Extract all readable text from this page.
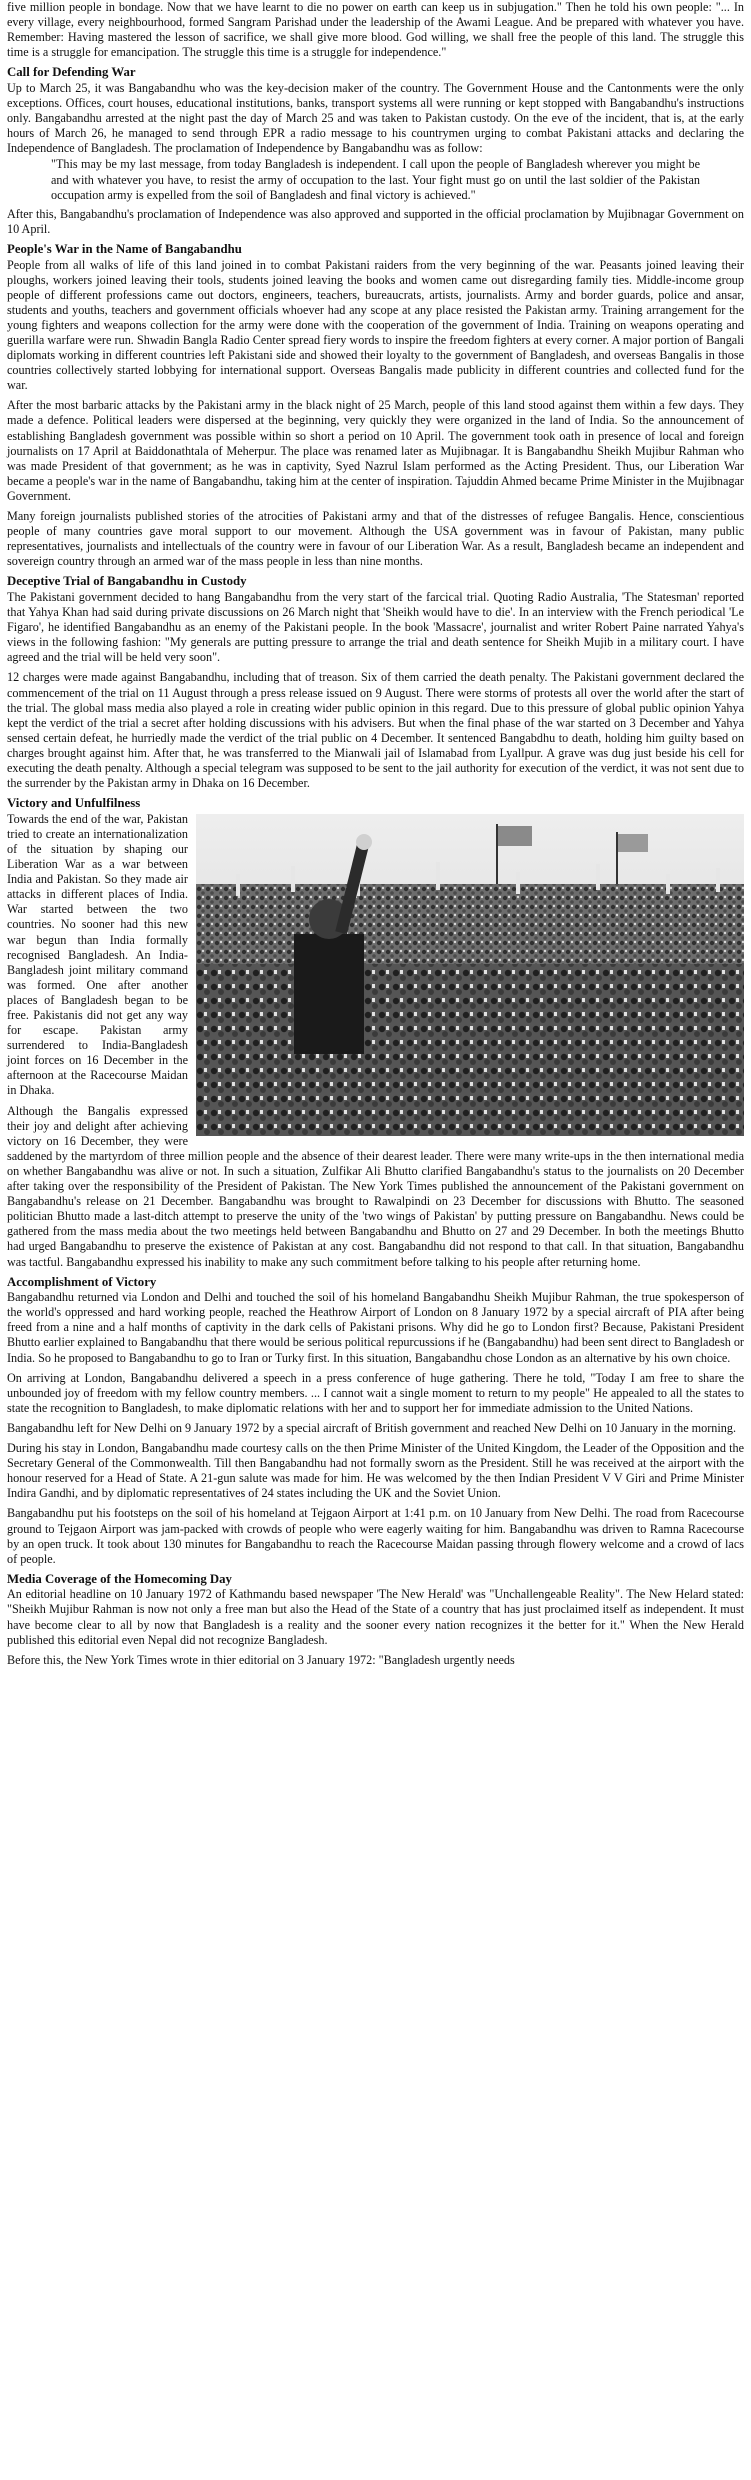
five million people in bondage. Now that we have learnt to die no power on earth can keep us in subjugation." Then he told his own people: "... In every village, every neighbourhood, formed Sangram Parishad under the leadership of the Awami League. And be prepared with whatever you have. Remember: Having mastered the lesson of sacrifice, we shall give more blood. God willing, we shall free the people of this land. The struggle this time is a struggle for emancipation. The struggle this time is a struggle for independence."

Call for Defending War

Up to March 25, it was Bangabandhu who was the key-decision maker of the country. The Government House and the Cantonments were the only exceptions. Offices, court houses, educational institutions, banks, transport systems all were running or kept stopped with Bangabandhu's instructions only. Bangabandhu arrested at the night past the day of March 25 and was taken to Pakistan custody. On the eve of the incident, that is, at the early hours of March 26, he managed to send through EPR a radio message to his countrymen urging to combat Pakistani attacks and declaring the Independence of Bangladesh. The proclamation of Independence by Bangabandhu was as follow:

"This may be my last message, from today Bangladesh is independent. I call upon the people of Bangladesh wherever you might be and with whatever you have, to resist the army of occupation to the last. Your fight must go on until the last soldier of the Pakistan occupation army is expelled from the soil of Bangladesh and final victory is achieved."

After this, Bangabandhu's proclamation of Independence was also approved and supported in the official proclamation by Mujibnagar Government on 10 April.

People's War in the Name of Bangabandhu

People from all walks of life of this land joined in to combat Pakistani raiders from the very beginning of the war. Peasants joined leaving their ploughs, workers joined leaving their tools, students joined leaving the books and women came out disregarding family ties. Middle-income group people of different professions came out doctors, engineers, teachers, bureaucrats, artists, journalists. Army and border guards, police and ansar, students and youths, teachers and government officials whoever had any scope at any place resisted the Pakistan army. Training arrangement for the young fighters and weapons collection for the army were done with the cooperation of the government of India. Training on weapons operating and guerilla warfare were run. Shwadin Bangla Radio Center spread fiery words to inspire the freedom fighters at every corner. A major portion of Bangali diplomats working in different countries left Pakistani side and showed their loyalty to the government of Bangladesh, and overseas Bangalis in those countries collectively started lobbying for international support. Overseas Bangalis made publicity in different countries and collected fund for the war.

After the most barbaric attacks by the Pakistani army in the black night of 25 March, people of this land stood against them within a few days. They made a defence. Political leaders were dispersed at the beginning, very quickly they were organized in the land of India. So the announcement of establishing Bangladesh government was possible within so short a period on 10 April. The government took oath in presence of local and foreign journalists on 17 April at Baiddonathtala of Meherpur. The place was renamed later as Mujibnagar. It is Bangabandhu Sheikh Mujibur Rahman who was made President of that government; as he was in captivity, Syed Nazrul Islam performed as the Acting President. Thus, our Liberation War became a people's war in the name of Bangabandhu, taking him at the center of inspiration. Tajuddin Ahmed became Prime Minister in the Mujibnagar Government.

Many foreign journalists published stories of the atrocities of Pakistani army and that of the distresses of refugee Bangalis. Hence, conscientious people of many countries gave moral support to our movement. Although the USA government was in favour of Pakistan, many public representatives, journalists and intellectuals of the country were in favour of our Liberation War. As a result, Bangladesh became an independent and sovereign country through an armed war of the mass people in less than nine months.

Deceptive Trial of Bangabandhu in Custody

The Pakistani government decided to hang Bangabandhu from the very start of the farcical trial. Quoting Radio Australia, 'The Statesman' reported that Yahya Khan had said during private discussions on 26 March night that 'Sheikh would have to die'. In an interview with the French periodical 'Le Figaro', he identified Bangabandhu as an enemy of the Pakistani people. In the book 'Massacre', journalist and writer Robert Paine narrated Yahya's views in the following fashion: "My generals are putting pressure to arrange the trial and death sentence for Sheikh Mujib in a military court. I have agreed and the trial will be held very soon".

12 charges were made against Bangabandhu, including that of treason. Six of them carried the death penalty. The Pakistani government declared the commencement of the trial on 11 August through a press release issued on 9 August. There were storms of protests all over the world after the start of the trial. The global mass media also played a role in creating wider public opinion in this regard. Due to this pressure of global public opinion Yahya kept the verdict of the trial a secret after holding discussions with his advisers. But when the final phase of the war started on 3 December and Yahya sensed certain defeat, he hurriedly made the verdict of the trial public on 4 December. It sentenced Bangabdhu to death, holding him guilty based on charges brought against him. After that, he was transferred to the Mianwali jail of Islamabad from Lyallpur. A grave was dug just beside his cell for executing the death penalty. Although a special telegram was supposed to be sent to the jail authority for execution of the verdict, it was not sent due to the surrender by the Pakistan army in Dhaka on 16 December.

Victory and Unfulfilness

Towards the end of the war, Pakistan tried to create an internationalization of the situation by shaping our Liberation War as a war between India and Pakistan. So they made air attacks in different places of India. War started between the two countries. No sooner had this new war begun than India formally recognised Bangladesh. An India-Bangladesh joint military command was formed. One after another places of Bangladesh began to be free. Pakistanis did not get any way for escape. Pakistan army surrendered to India-Bangladesh joint forces on 16 December in the afternoon at the Racecourse Maidan in Dhaka.

Although the Bangalis expressed their joy and delight after achieving victory on 16 December, they were saddened by the martyrdom of three million people and the absence of their dearest leader. There were many write-ups in the then international media on whether Bangabandhu was alive or not. In such a situation, Zulfikar Ali Bhutto clarified Bangabandhu's status to the journalists on 20 December after taking over the responsibility of the President of Pakistan. The New York Times published the announcement of the Pakistani government on Bangabandhu's release on 21 December. Bangabandhu was brought to Rawalpindi on 23 December for discussions with Bhutto. The seasoned politician Bhutto made a last-ditch attempt to preserve the unity of the 'two wings of Pakistan' by putting pressure on Bangabandhu. News could be gathered from the mass media about the two meetings held between Bangabandhu and Bhutto on 27 and 29 December. In both the meetings Bhutto had urged Bangabandhu to preserve the existence of Pakistan at any cost. Bangabandhu did not respond to that call. In that situation, Bangabandhu was tactful. Bangabandhu expressed his inability to make any such commitment before talking to his people after returning home.

Accomplishment of Victory

Bangabandhu returned via London and Delhi and touched the soil of his homeland Bangabandhu Sheikh Mujibur Rahman, the true spokesperson of the world's oppressed and hard working people, reached the Heathrow Airport of London on 8 January 1972 by a special aircraft of PIA after being freed from a nine and a half months of captivity in the dark cells of Pakistani prisons. Why did he go to London first? Because, Pakistani President Bhutto earlier explained to Bangabandhu that there would be serious political repurcussions if he (Bangabandhu) had been sent direct to Bangladesh or India. So he proposed to Bangabandhu to go to Iran or Turky first. In this situation, Bangabandhu chose London as an alternative by his own choice.

On arriving at London, Bangabandhu delivered a speech in a press conference of huge gathering. There he told, "Today I am free to share the unbounded joy of freedom with my fellow country members. ... I cannot wait a single moment to return to my people" He appealed to all the states to state the recognition to Bangladesh, to make diplomatic relations with her and to support her for immediate admission to the United Nations.

Bangabandhu left for New Delhi on 9 January 1972 by a special aircraft of British government and reached New Delhi on 10 January in the morning.

During his stay in London, Bangabandhu made courtesy calls on the then Prime Minister of the United Kingdom, the Leader of the Opposition and the Secretary General of the Commonwealth. Till then Bangabandhu had not formally sworn as the President. Still he was received at the airport with the honour reserved for a Head of State. A 21-gun salute was made for him. He was welcomed by the then Indian President V V Giri and Prime Minister Indira Gandhi, and by diplomatic representatives of 24 states including the UK and the Soviet Union.

Bangabandhu put his footsteps on the soil of his homeland at Tejgaon Airport at 1:41 p.m. on 10 January from New Delhi. The road from Racecourse ground to Tejgaon Airport was jam-packed with crowds of people who were eagerly waiting for him. Bangabandhu was driven to Ramna Racecourse by an open truck. It took about 130 minutes for Bangabandhu to reach the Racecourse Maidan passing through flowery welcome and a crowd of lacs of people.

Media Coverage of the Homecoming Day

An editorial headline on 10 January 1972 of Kathmandu based newspaper 'The New Herald' was "Unchallengeable Reality". The New Helard stated: "Sheikh Mujibur Rahman is now not only a free man but also the Head of the State of a country that has just proclaimed itself as independent. It must have become clear to all by now that Bangladesh is a reality and the sooner every nation recognizes it the better for it." When the New Herald published this editorial even Nepal did not recognize Bangladesh.

Before this, the New York Times wrote in thier editorial on 3 January 1972: "Bangladesh urgently needs
